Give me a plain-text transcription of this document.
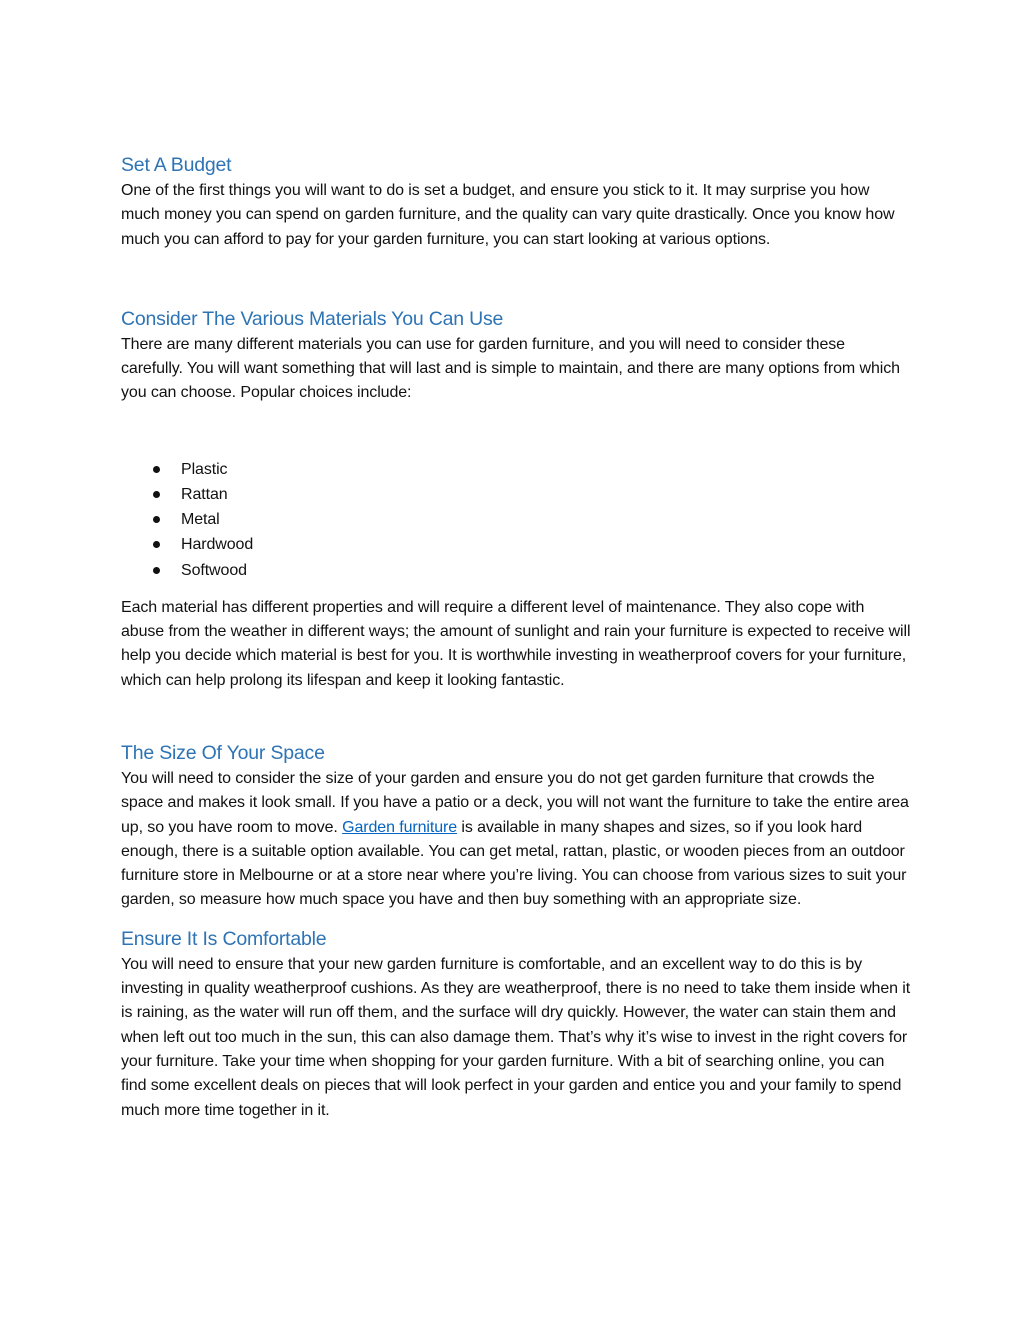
Set A Budget

One of the first things you will want to do is set a budget, and ensure you stick to it. It may surprise you how much money you can spend on garden furniture, and the quality can vary quite drastically. Once you know how much you can afford to pay for your garden furniture, you can start looking at various options.

Consider The Various Materials You Can Use

There are many different materials you can use for garden furniture, and you will need to consider these carefully. You will want something that will last and is simple to maintain, and there are many options from which you can choose. Popular choices include:

Plastic
Rattan
Metal
Hardwood
Softwood

Each material has different properties and will require a different level of maintenance. They also cope with abuse from the weather in different ways; the amount of sunlight and rain your furniture is expected to receive will help you decide which material is best for you. It is worthwhile investing in weatherproof covers for your furniture, which can help prolong its lifespan and keep it looking fantastic.

The Size Of Your Space

You will need to consider the size of your garden and ensure you do not get garden furniture that crowds the space and makes it look small. If you have a patio or a deck, you will not want the furniture to take the entire area up, so you have room to move. Garden furniture is available in many shapes and sizes, so if you look hard enough, there is a suitable option available. You can get metal, rattan, plastic, or wooden pieces from an outdoor furniture store in Melbourne or at a store near where you’re living. You can choose from various sizes to suit your garden, so measure how much space you have and then buy something with an appropriate size.

Ensure It Is Comfortable

You will need to ensure that your new garden furniture is comfortable, and an excellent way to do this is by investing in quality weatherproof cushions. As they are weatherproof, there is no need to take them inside when it is raining, as the water will run off them, and the surface will dry quickly. However, the water can stain them and when left out too much in the sun, this can also damage them. That’s why it’s wise to invest in the right covers for your furniture. Take your time when shopping for your garden furniture. With a bit of searching online, you can find some excellent deals on pieces that will look perfect in your garden and entice you and your family to spend much more time together in it.
